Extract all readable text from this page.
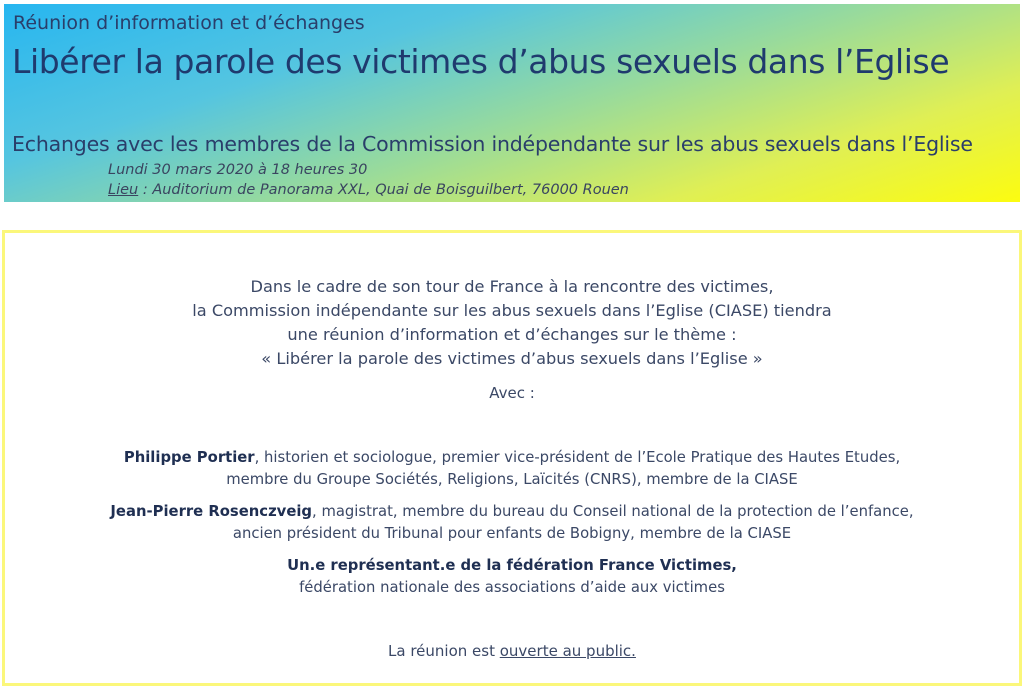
Réunion d’information et d’échanges
Libérer la parole des victimes d’abus sexuels dans l’Eglise
Echanges avec les membres de la Commission indépendante sur les abus sexuels dans l’Eglise
Lundi 30 mars 2020 à 18 heures 30
Lieu : Auditorium de Panorama XXL, Quai de Boisguilbert, 76000 Rouen
Dans le cadre de son tour de France à la rencontre des victimes,
la Commission indépendante sur les abus sexuels dans l’Eglise (CIASE) tiendra
une réunion d’information et d’échanges sur le thème :
« Libérer la parole des victimes d’abus sexuels dans l’Eglise »
Avec :
Philippe Portier, historien et sociologue, premier vice-président de l’Ecole Pratique des Hautes Etudes,
membre du Groupe Sociétés, Religions, Laïcités (CNRS), membre de la CIASE
Jean-Pierre Rosenczveig, magistrat, membre du bureau du Conseil national de la protection de l’enfance,
ancien président du Tribunal pour enfants de Bobigny, membre de la CIASE
Un.e représentant.e de la fédération France Victimes,
fédération nationale des associations d’aide aux victimes
La réunion est ouverte au public.
